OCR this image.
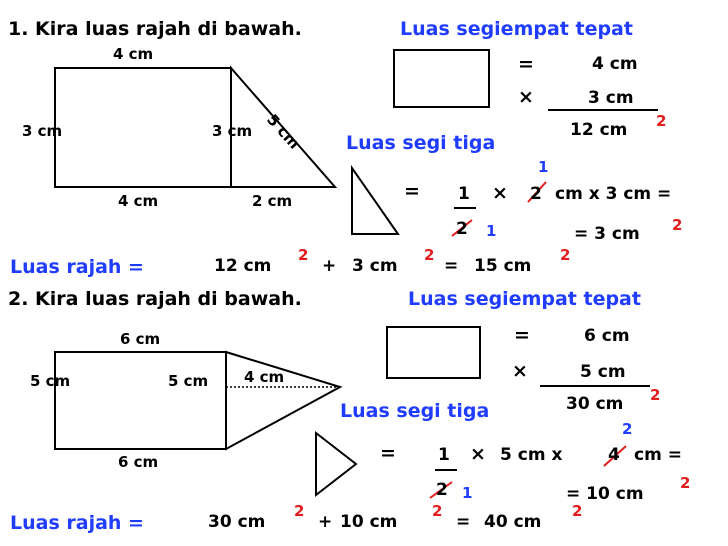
1. Kira luas rajah di bawah.	Luas segiempat tepat
4 cm
3 cm	3 cm 5 cm
4 cm	2 cm
=	4 cm
×	3 cm
12 cm 2
Luas segi tiga
= 1 ×
1
2 cm x 3 cm =
2 1	= 3 cm 2
Luas rajah =	12 cm
2
+ 3 cm
2
= 15 cm
2
2. Kira luas rajah di bawah.	Luas segiempat tepat
6 cm
5 cm	5 cm 4 cm
6 cm
=	6 cm
×	5 cm
30 cm 2
Luas segi tiga
= 1 × 5 cm x
2
4 cm =
2 1	= 10 cm
2
Luas rajah =	30 cm
2
+ 10 cm
2
= 40 cm
2
